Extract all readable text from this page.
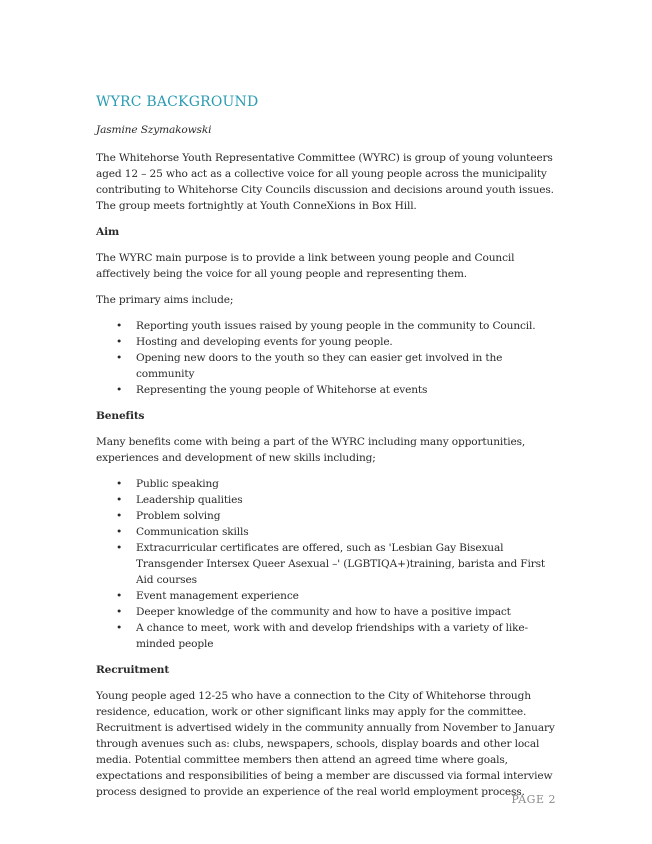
WYRC BACKGROUND

Jasmine Szymakowski

The Whitehorse Youth Representative Committee (WYRC) is group of young volunteers aged 12 – 25 who act as a collective voice for all young people across the municipality contributing to Whitehorse City Councils discussion and decisions around youth issues. The group meets fortnightly at Youth ConneXions in Box Hill.

Aim

The WYRC main purpose is to provide a link between young people and Council affectively being the voice for all young people and representing them.

The primary aims include;

• Reporting youth issues raised by young people in the community to Council.
• Hosting and developing events for young people.
• Opening new doors to the youth so they can easier get involved in the community
• Representing the young people of Whitehorse at events

Benefits

Many benefits come with being a part of the WYRC including many opportunities, experiences and development of new skills including;

• Public speaking
• Leadership qualities
• Problem solving
• Communication skills
• Extracurricular certificates are offered, such as 'Lesbian Gay Bisexual Transgender Intersex Queer Asexual –' (LGBTIQA+)training, barista and First Aid courses
• Event management experience
• Deeper knowledge of the community and how to have a positive impact
• A chance to meet, work with and develop friendships with a variety of like-minded people

Recruitment

Young people aged 12-25 who have a connection to the City of Whitehorse through residence, education, work or other significant links may apply for the committee. Recruitment is advertised widely in the community annually from November to January through avenues such as: clubs, newspapers, schools, display boards and other local media. Potential committee members then attend an agreed time where goals, expectations and responsibilities of being a member are discussed via formal interview process designed to provide an experience of the real world employment process.

PAGE 2
